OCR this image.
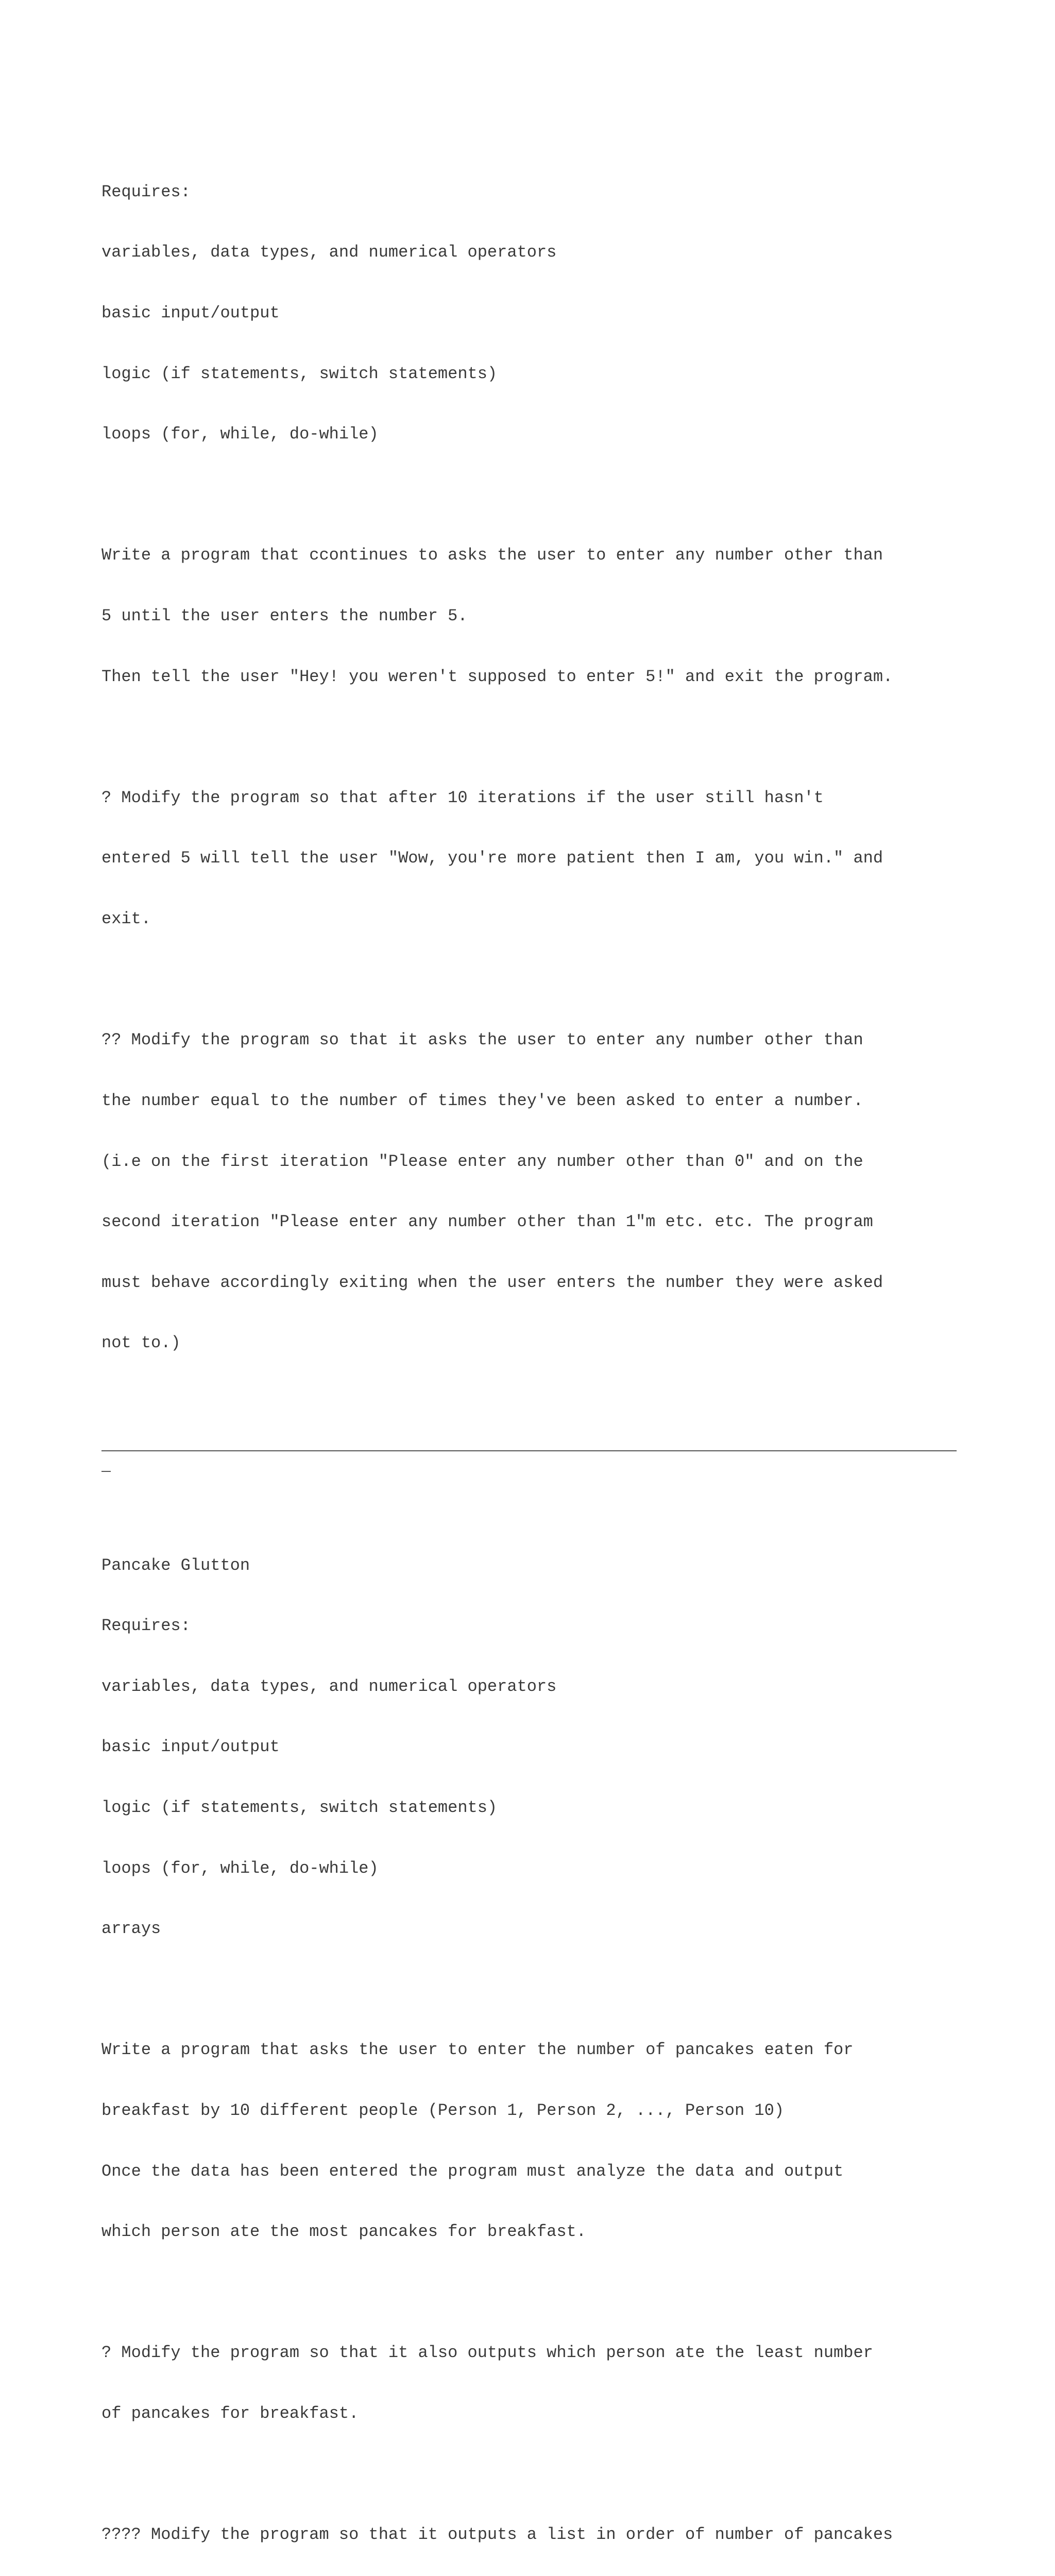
Requires:

variables, data types, and numerical operators

basic input/output

logic (if statements, switch statements)

loops (for, while, do-while)

Write a program that ccontinues to asks the user to enter any number other than

5 until the user enters the number 5.

Then tell the user "Hey! you weren't supposed to enter 5!" and exit the program.

? Modify the program so that after 10 iterations if the user still hasn't

entered 5 will tell the user "Wow, you're more patient then I am, you win." and

exit.

?? Modify the program so that it asks the user to enter any number other than

the number equal to the number of times they've been asked to enter a number.

(i.e on the first iteration "Please enter any number other than 0" and on the

second iteration "Please enter any number other than 1"m etc. etc. The program

must behave accordingly exiting when the user enters the number they were asked

not to.)

Pancake Glutton

Requires:

variables, data types, and numerical operators

basic input/output

logic (if statements, switch statements)

loops (for, while, do-while)

arrays

Write a program that asks the user to enter the number of pancakes eaten for

breakfast by 10 different people (Person 1, Person 2, ..., Person 10)

Once the data has been entered the program must analyze the data and output

which person ate the most pancakes for breakfast.

? Modify the program so that it also outputs which person ate the least number

of pancakes for breakfast.

???? Modify the program so that it outputs a list in order of number of pancakes
